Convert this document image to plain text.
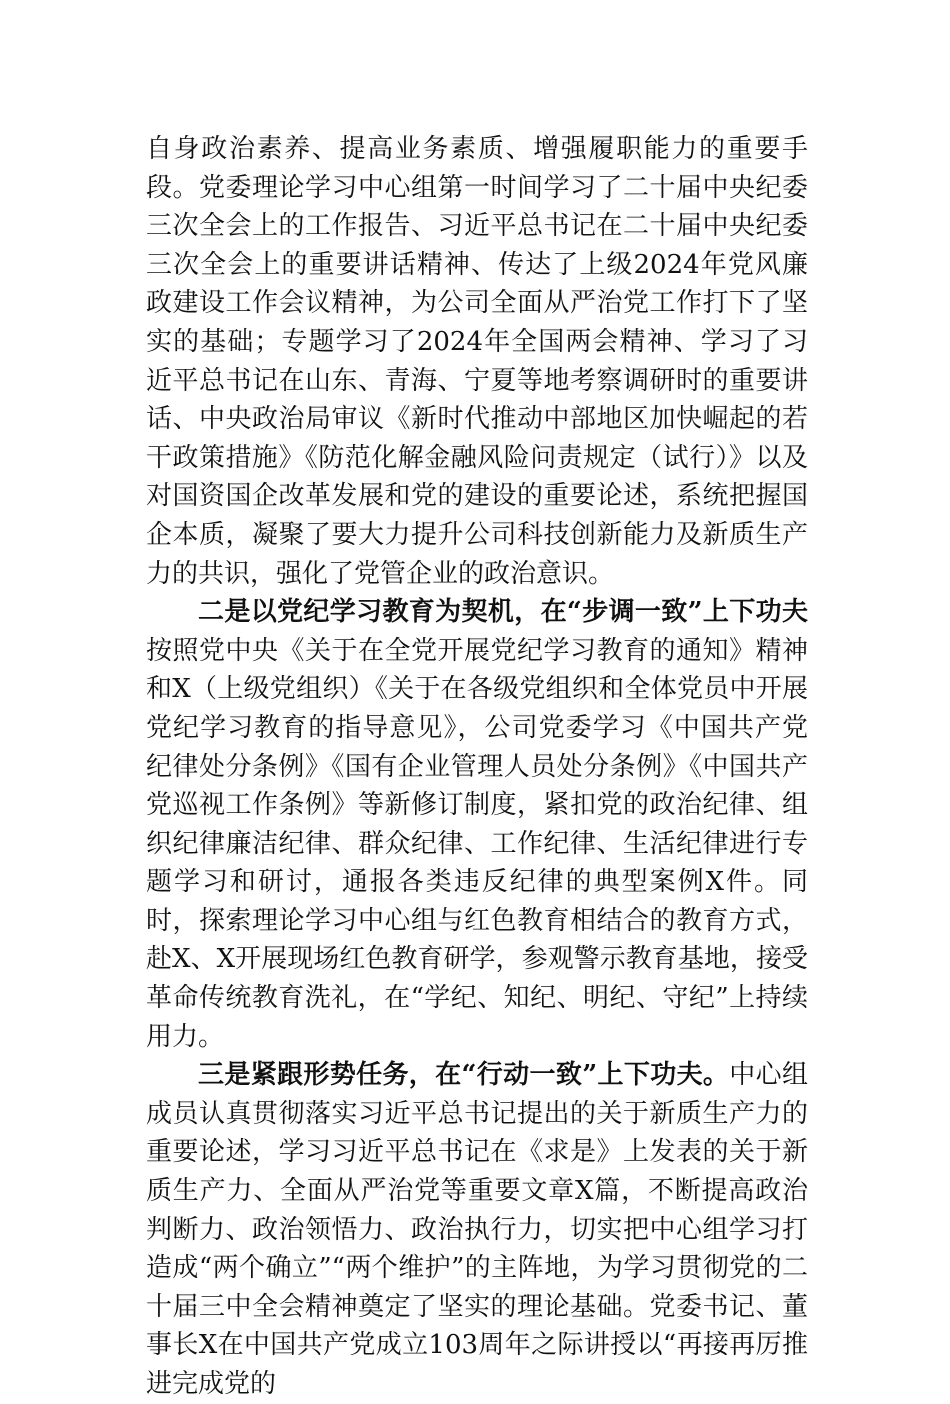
自身政治素养、提高业务素质、增强履职能力的重要手段。党委理论学习中心组第一时间学习了二十届中央纪委三次全会上的工作报告、习近平总书记在二十届中央纪委三次全会上的重要讲话精神、传达了上级2024年党风廉政建设工作会议精神，为公司全面从严治党工作打下了坚实的基础；专题学习了2024年全国两会精神、学习了习近平总书记在山东、青海、宁夏等地考察调研时的重要讲话、中央政治局审议《新时代推动中部地区加快崛起的若干政策措施》《防范化解金融风险问责规定（试行）》以及对国资国企改革发展和党的建设的重要论述，系统把握国企本质，凝聚了要大力提升公司科技创新能力及新质生产力的共识，强化了党管企业的政治意识。

二是以党纪学习教育为契机，在“步调一致”上下功夫按照党中央《关于在全党开展党纪学习教育的通知》精神和X（上级党组织）《关于在各级党组织和全体党员中开展党纪学习教育的指导意见》，公司党委学习《中国共产党纪律处分条例》《国有企业管理人员处分条例》《中国共产党巡视工作条例》等新修订制度，紧扣党的政治纪律、组织纪律廉洁纪律、群众纪律、工作纪律、生活纪律进行专题学习和研讨，通报各类违反纪律的典型案例X件。同时，探索理论学习中心组与红色教育相结合的教育方式，赴X、X开展现场红色教育研学，参观警示教育基地，接受革命传统教育洗礼，在“学纪、知纪、明纪、守纪”上持续用力。

三是紧跟形势任务，在“行动一致”上下功夫。中心组成员认真贯彻落实习近平总书记提出的关于新质生产力的重要论述，学习习近平总书记在《求是》上发表的关于新质生产力、全面从严治党等重要文章X篇，不断提高政治判断力、政治领悟力、政治执行力，切实把中心组学习打造成“两个确立”“两个维护”的主阵地，为学习贯彻党的二十届三中全会精神奠定了坚实的理论基础。党委书记、董事长X在中国共产党成立103周年之际讲授以“再接再厉推进完成党的
